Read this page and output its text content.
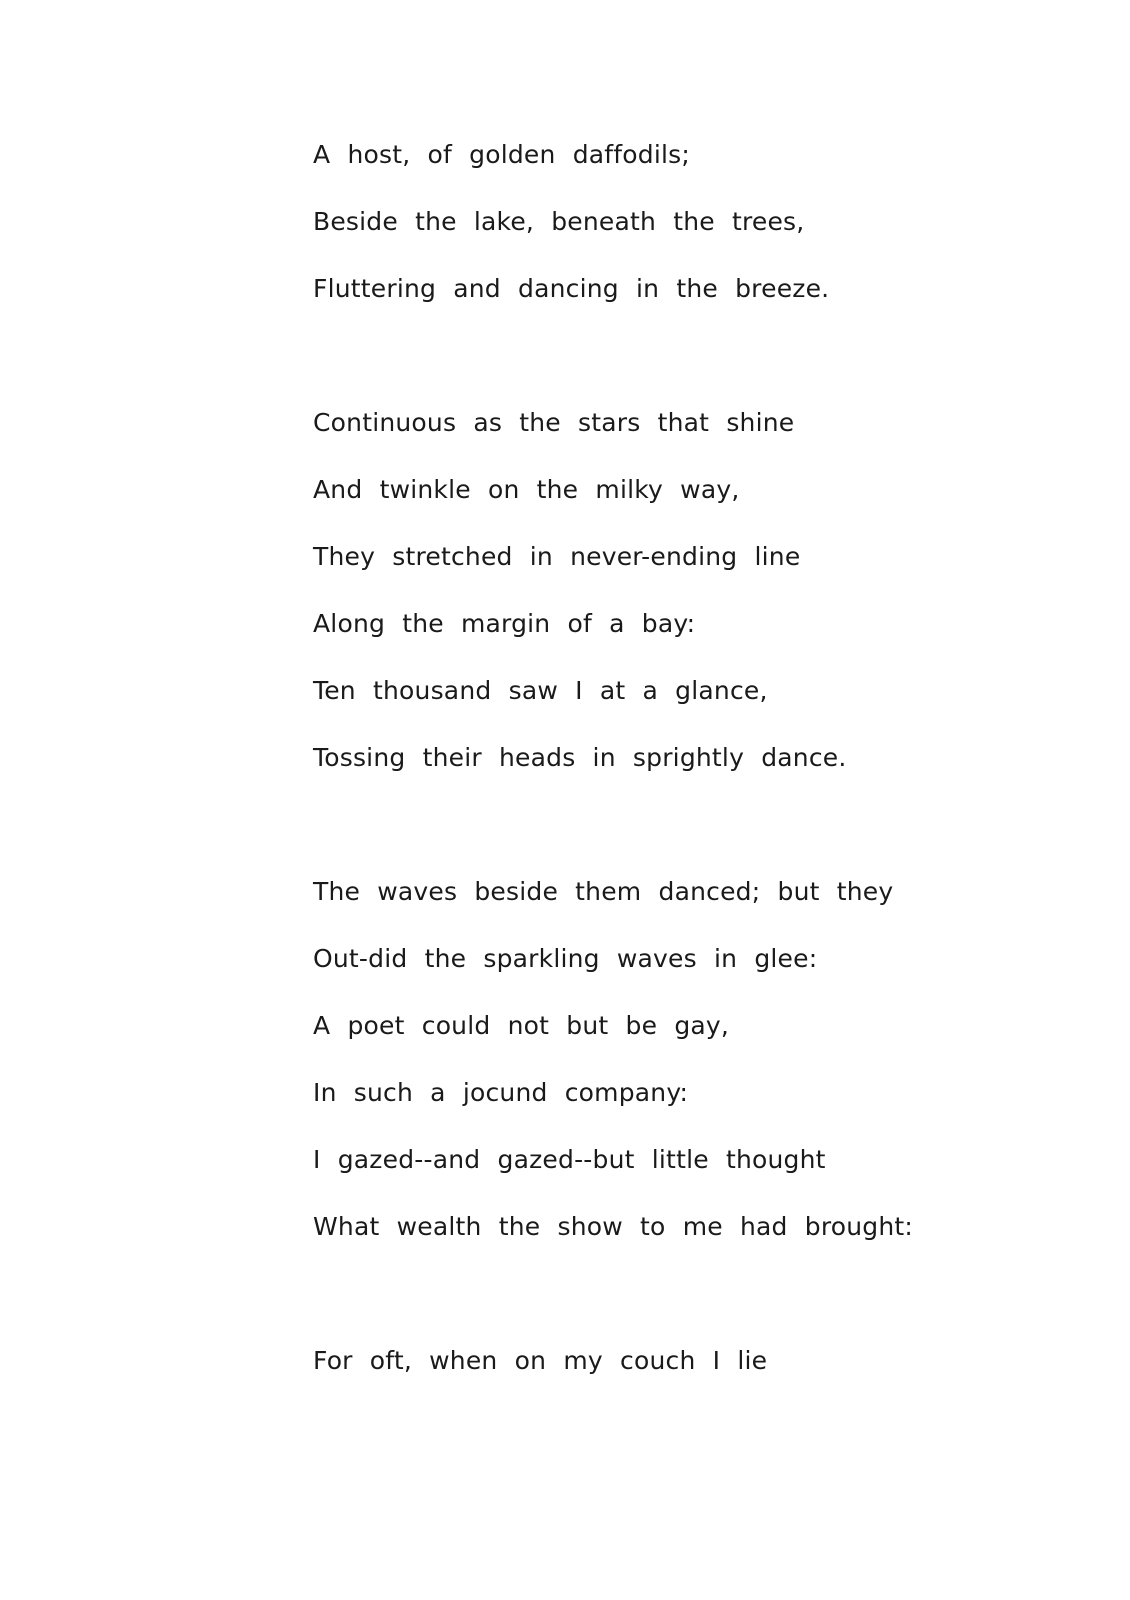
A host, of golden daffodils;
Beside the lake, beneath the trees,
Fluttering and dancing in the breeze.
Continuous as the stars that shine
And twinkle on the milky way,
They stretched in never-ending line
Along the margin of a bay:
Ten thousand saw I at a glance,
Tossing their heads in sprightly dance.
The waves beside them danced; but they
Out-did the sparkling waves in glee:
A poet could not but be gay,
In such a jocund company:
I gazed--and gazed--but little thought
What wealth the show to me had brought:
For oft, when on my couch I lie
